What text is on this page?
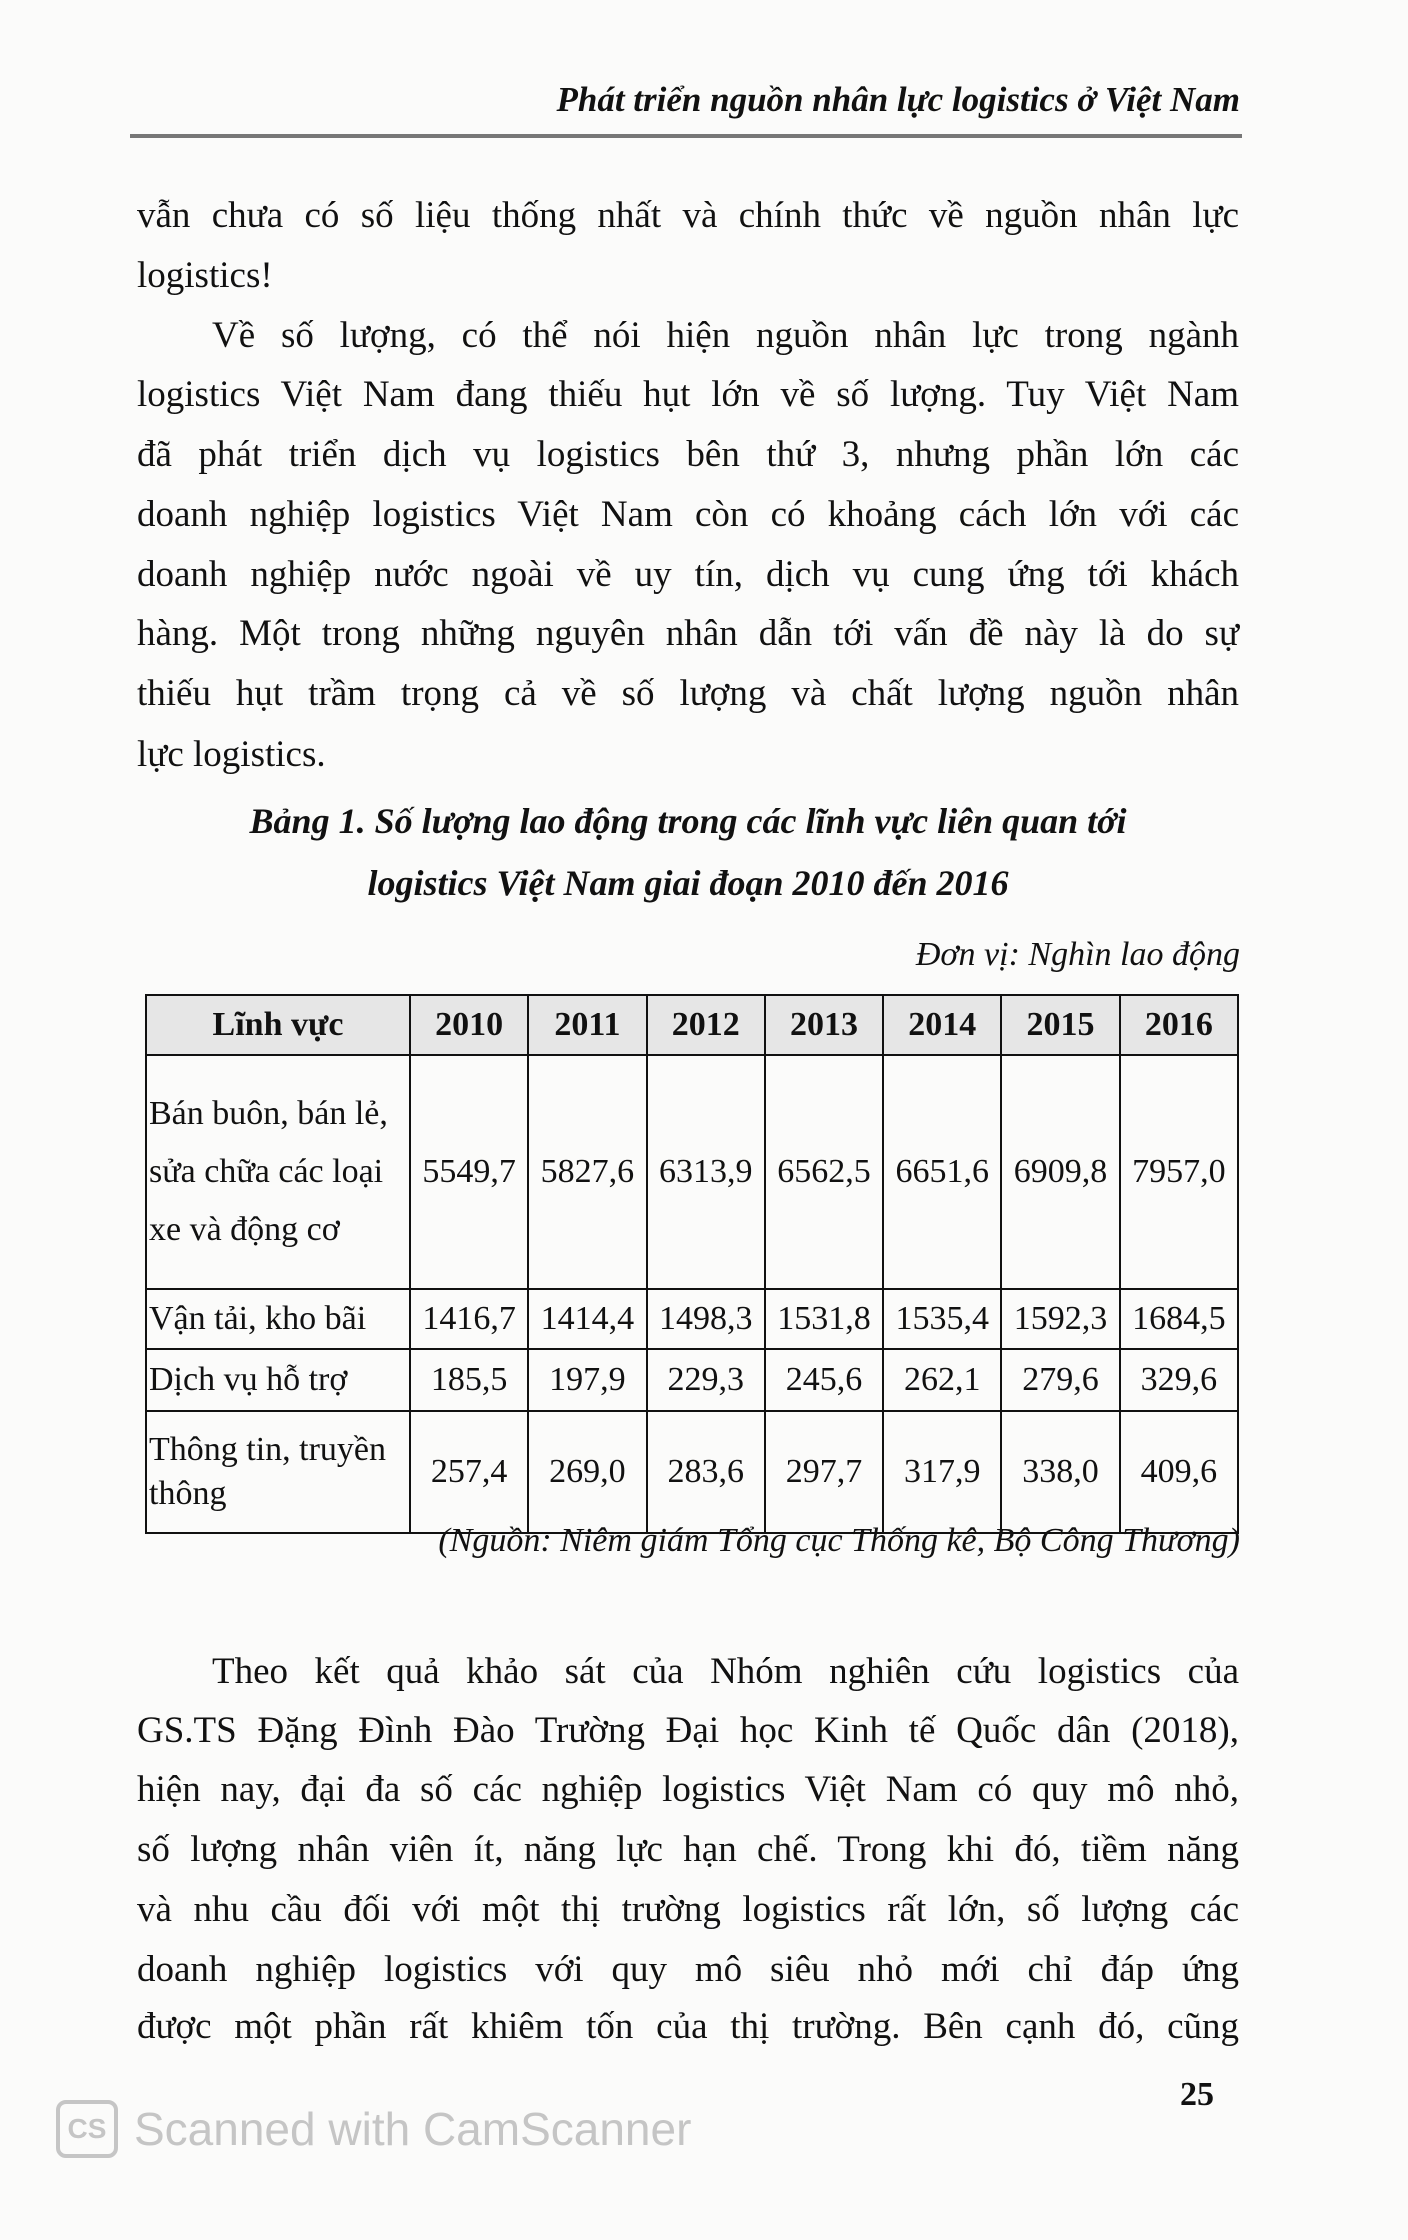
Phát triển nguồn nhân lực logistics ở Việt Nam
vẫn chưa có số liệu thống nhất và chính thức về nguồn nhân lực
logistics!
Về số lượng, có thể nói hiện nguồn nhân lực trong ngành
logistics Việt Nam đang thiếu hụt lớn về số lượng. Tuy Việt Nam
đã phát triển dịch vụ logistics bên thứ 3, nhưng phần lớn các
doanh nghiệp logistics Việt Nam còn có khoảng cách lớn với các
doanh nghiệp nước ngoài về uy tín, dịch vụ cung ứng tới khách
hàng. Một trong những nguyên nhân dẫn tới vấn đề này là do sự
thiếu hụt trầm trọng cả về số lượng và chất lượng nguồn nhân
lực logistics.
Theo kết quả khảo sát của Nhóm nghiên cứu logistics của
GS.TS Đặng Đình Đào Trường Đại học Kinh tế Quốc dân (2018),
hiện nay, đại đa số các nghiệp logistics Việt Nam có quy mô nhỏ,
số lượng nhân viên ít, năng lực hạn chế. Trong khi đó, tiềm năng
và nhu cầu đối với một thị trường logistics rất lớn, số lượng các
doanh nghiệp logistics với quy mô siêu nhỏ mới chỉ đáp ứng
được một phần rất khiêm tốn của thị trường. Bên cạnh đó, cũng
Bảng 1. Số lượng lao động trong các lĩnh vực liên quan tới
logistics Việt Nam giai đoạn 2010 đến 2016
Đơn vị: Nghìn lao động
Lĩnh vực	2010	2011	2012	2013	2014	2015	2016
Bán buôn, bán lẻ, sửa chữa các loại xe và động cơ	5549,7	5827,6	6313,9	6562,5	6651,6	6909,8	7957,0
Vận tải, kho bãi	1416,7	1414,4	1498,3	1531,8	1535,4	1592,3	1684,5
Dịch vụ hỗ trợ	185,5	197,9	229,3	245,6	262,1	279,6	329,6
Thông tin, truyền thông	257,4	269,0	283,6	297,7	317,9	338,0	409,6
(Nguồn: Niêm giám Tổng cục Thống kê, Bộ Công Thương)
25
CS Scanned with CamScanner
